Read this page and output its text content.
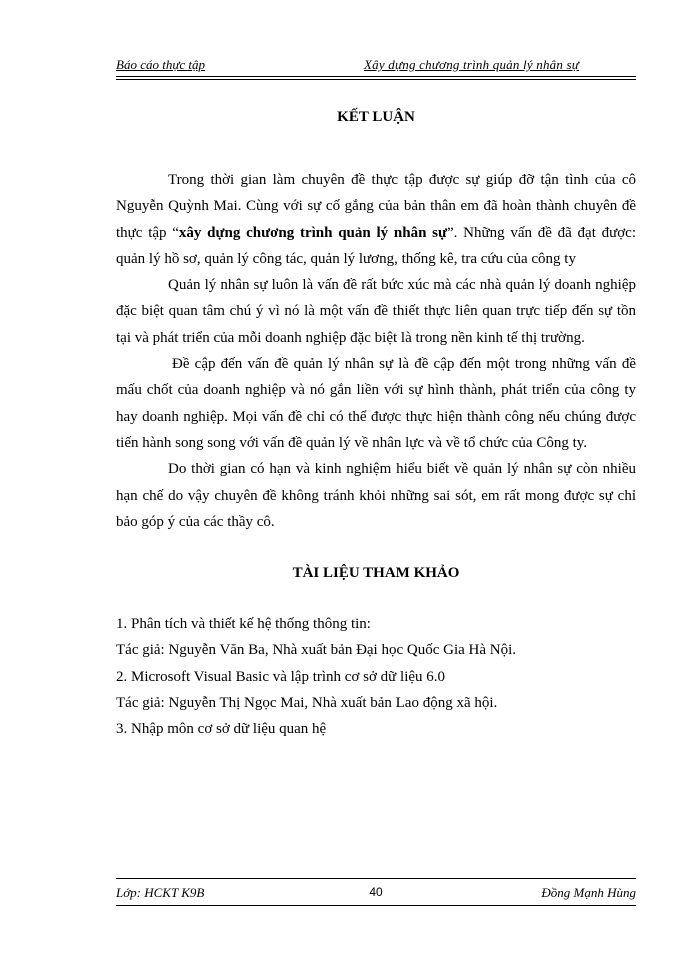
Báo cáo thực tập	Xây dựng chương trình quản lý nhân sự
KẾT LUẬN

Trong thời gian làm chuyên đề thực tập được sự giúp đỡ tận tình của cô Nguyễn Quỳnh Mai. Cùng với sự cố gắng của bản thân em đã hoàn thành chuyên đề thực tập “xây dựng chương trình quản lý nhân sự”. Những vấn đề đã đạt được: quản lý hồ sơ, quản lý công tác, quản lý lương, thống kê, tra cứu của công ty

Quản lý nhân sự luôn là vấn đề rất bức xúc mà các nhà quản lý doanh nghiệp đặc biệt quan tâm chú ý vì nó là một vấn đề thiết thực liên quan trực tiếp đến sự tồn tại và phát triển của mỗi doanh nghiệp đặc biệt là trong nền kinh tế thị trường.

Đề cập đến vấn đề quản lý nhân sự là đề cập đến một trong những vấn đề mấu chốt của doanh nghiệp và nó gắn liền với sự hình thành, phát triển của công ty hay doanh nghiệp. Mọi vấn đề chỉ có thể được thực hiện thành công nếu chúng được tiến hành song song với vấn đề quản lý về nhân lực và về tổ chức của Công ty.

Do thời gian có hạn và kinh nghiệm hiểu biết về quản lý nhân sự còn nhiều hạn chế do vậy chuyên đề không tránh khỏi những sai sót, em rất mong được sự chỉ bảo góp ý của các thầy cô.

TÀI LIỆU THAM KHẢO
1. Phân tích và thiết kế hệ thống thông tin:
Tác giả: Nguyễn Văn Ba, Nhà xuất bản Đại học Quốc Gia Hà Nội.
2. Microsoft Visual Basic và lập trình cơ sở dữ liệu 6.0
Tác giả: Nguyễn Thị Ngọc Mai, Nhà xuất bản Lao động xã hội.
3. Nhập môn cơ sở dữ liệu quan hệ
Lớp: HCKT K9B	40	Đồng Mạnh Hùng
